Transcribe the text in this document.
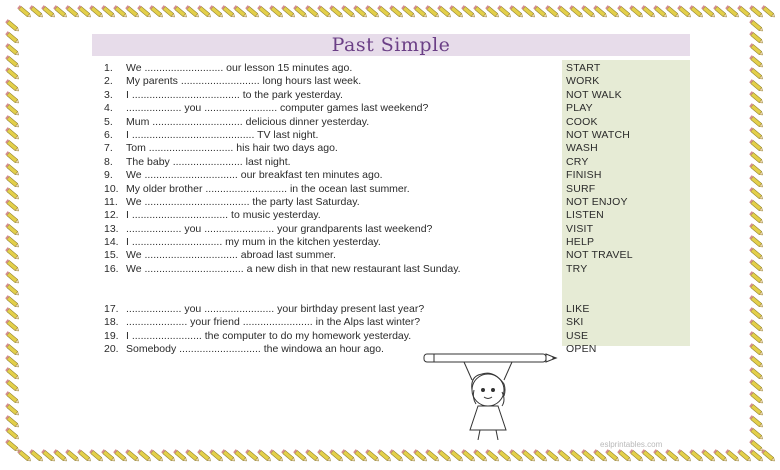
Past Simple
1.	We ........................... our lesson 15 minutes ago.	START
2.	My parents ........................... long hours last week.	WORK
3.	I ..................................... to the park yesterday.	NOT WALK
4.	................... you ......................... computer games last weekend?	PLAY
5.	Mum ............................... delicious dinner yesterday.	COOK
6.	I .......................................... TV last night.	NOT WATCH
7.	Tom ............................. his hair two days ago.	WASH
8.	The baby ........................ last night.	CRY
9.	We ................................ our breakfast ten minutes ago.	FINISH
10. My older brother ............................ in the ocean last summer.	SURF
11. We .................................... the party last Saturday.	NOT ENJOY
12. I ................................. to music yesterday.	LISTEN
13. ................... you ........................ your grandparents last weekend?	VISIT
14. I ............................... my mum in the kitchen yesterday.	HELP
15. We ................................ abroad last summer.	NOT TRAVEL
16. We .................................. a new dish in that new restaurant last Sunday.	TRY
17. ................... you ........................ your birthday present last year?	LIKE
18. ..................... your friend ........................ in the Alps last winter?	SKI
19. I ........................ the computer to do my homework yesterday.	USE
20. Somebody ............................ the windowa an hour ago.	OPEN
eslprintables.com
